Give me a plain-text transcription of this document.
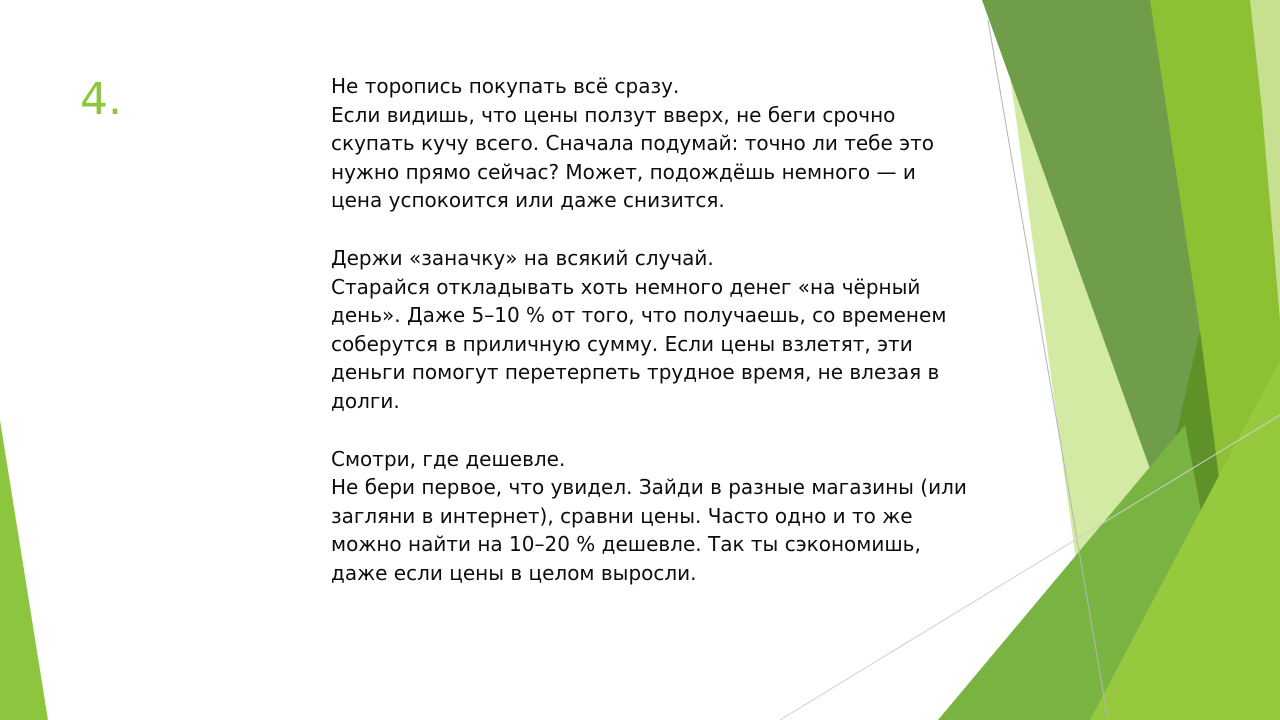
4.	Не торопись покупать всё сразу.

Если видишь, что цены ползут вверх, не беги срочно скупать кучу всего. Сначала подумай: точно ли тебе это нужно прямо сейчас? Может, подождёшь немного — и цена успокоится или даже снизится.

Держи «заначку» на всякий случай.

Старайся откладывать хоть немного денег «на чёрный день». Даже 5–10 % от того, что получаешь, со временем соберутся в приличную сумму. Если цены взлетят, эти деньги помогут перетерпеть трудное время, не влезая в долги.

Смотри, где дешевле.

Не бери первое, что увидел. Зайди в разные магазины (или загляни в интернет), сравни цены. Часто одно и то же можно найти на 10–20 % дешевле. Так ты сэкономишь, даже если цены в целом выросли.
